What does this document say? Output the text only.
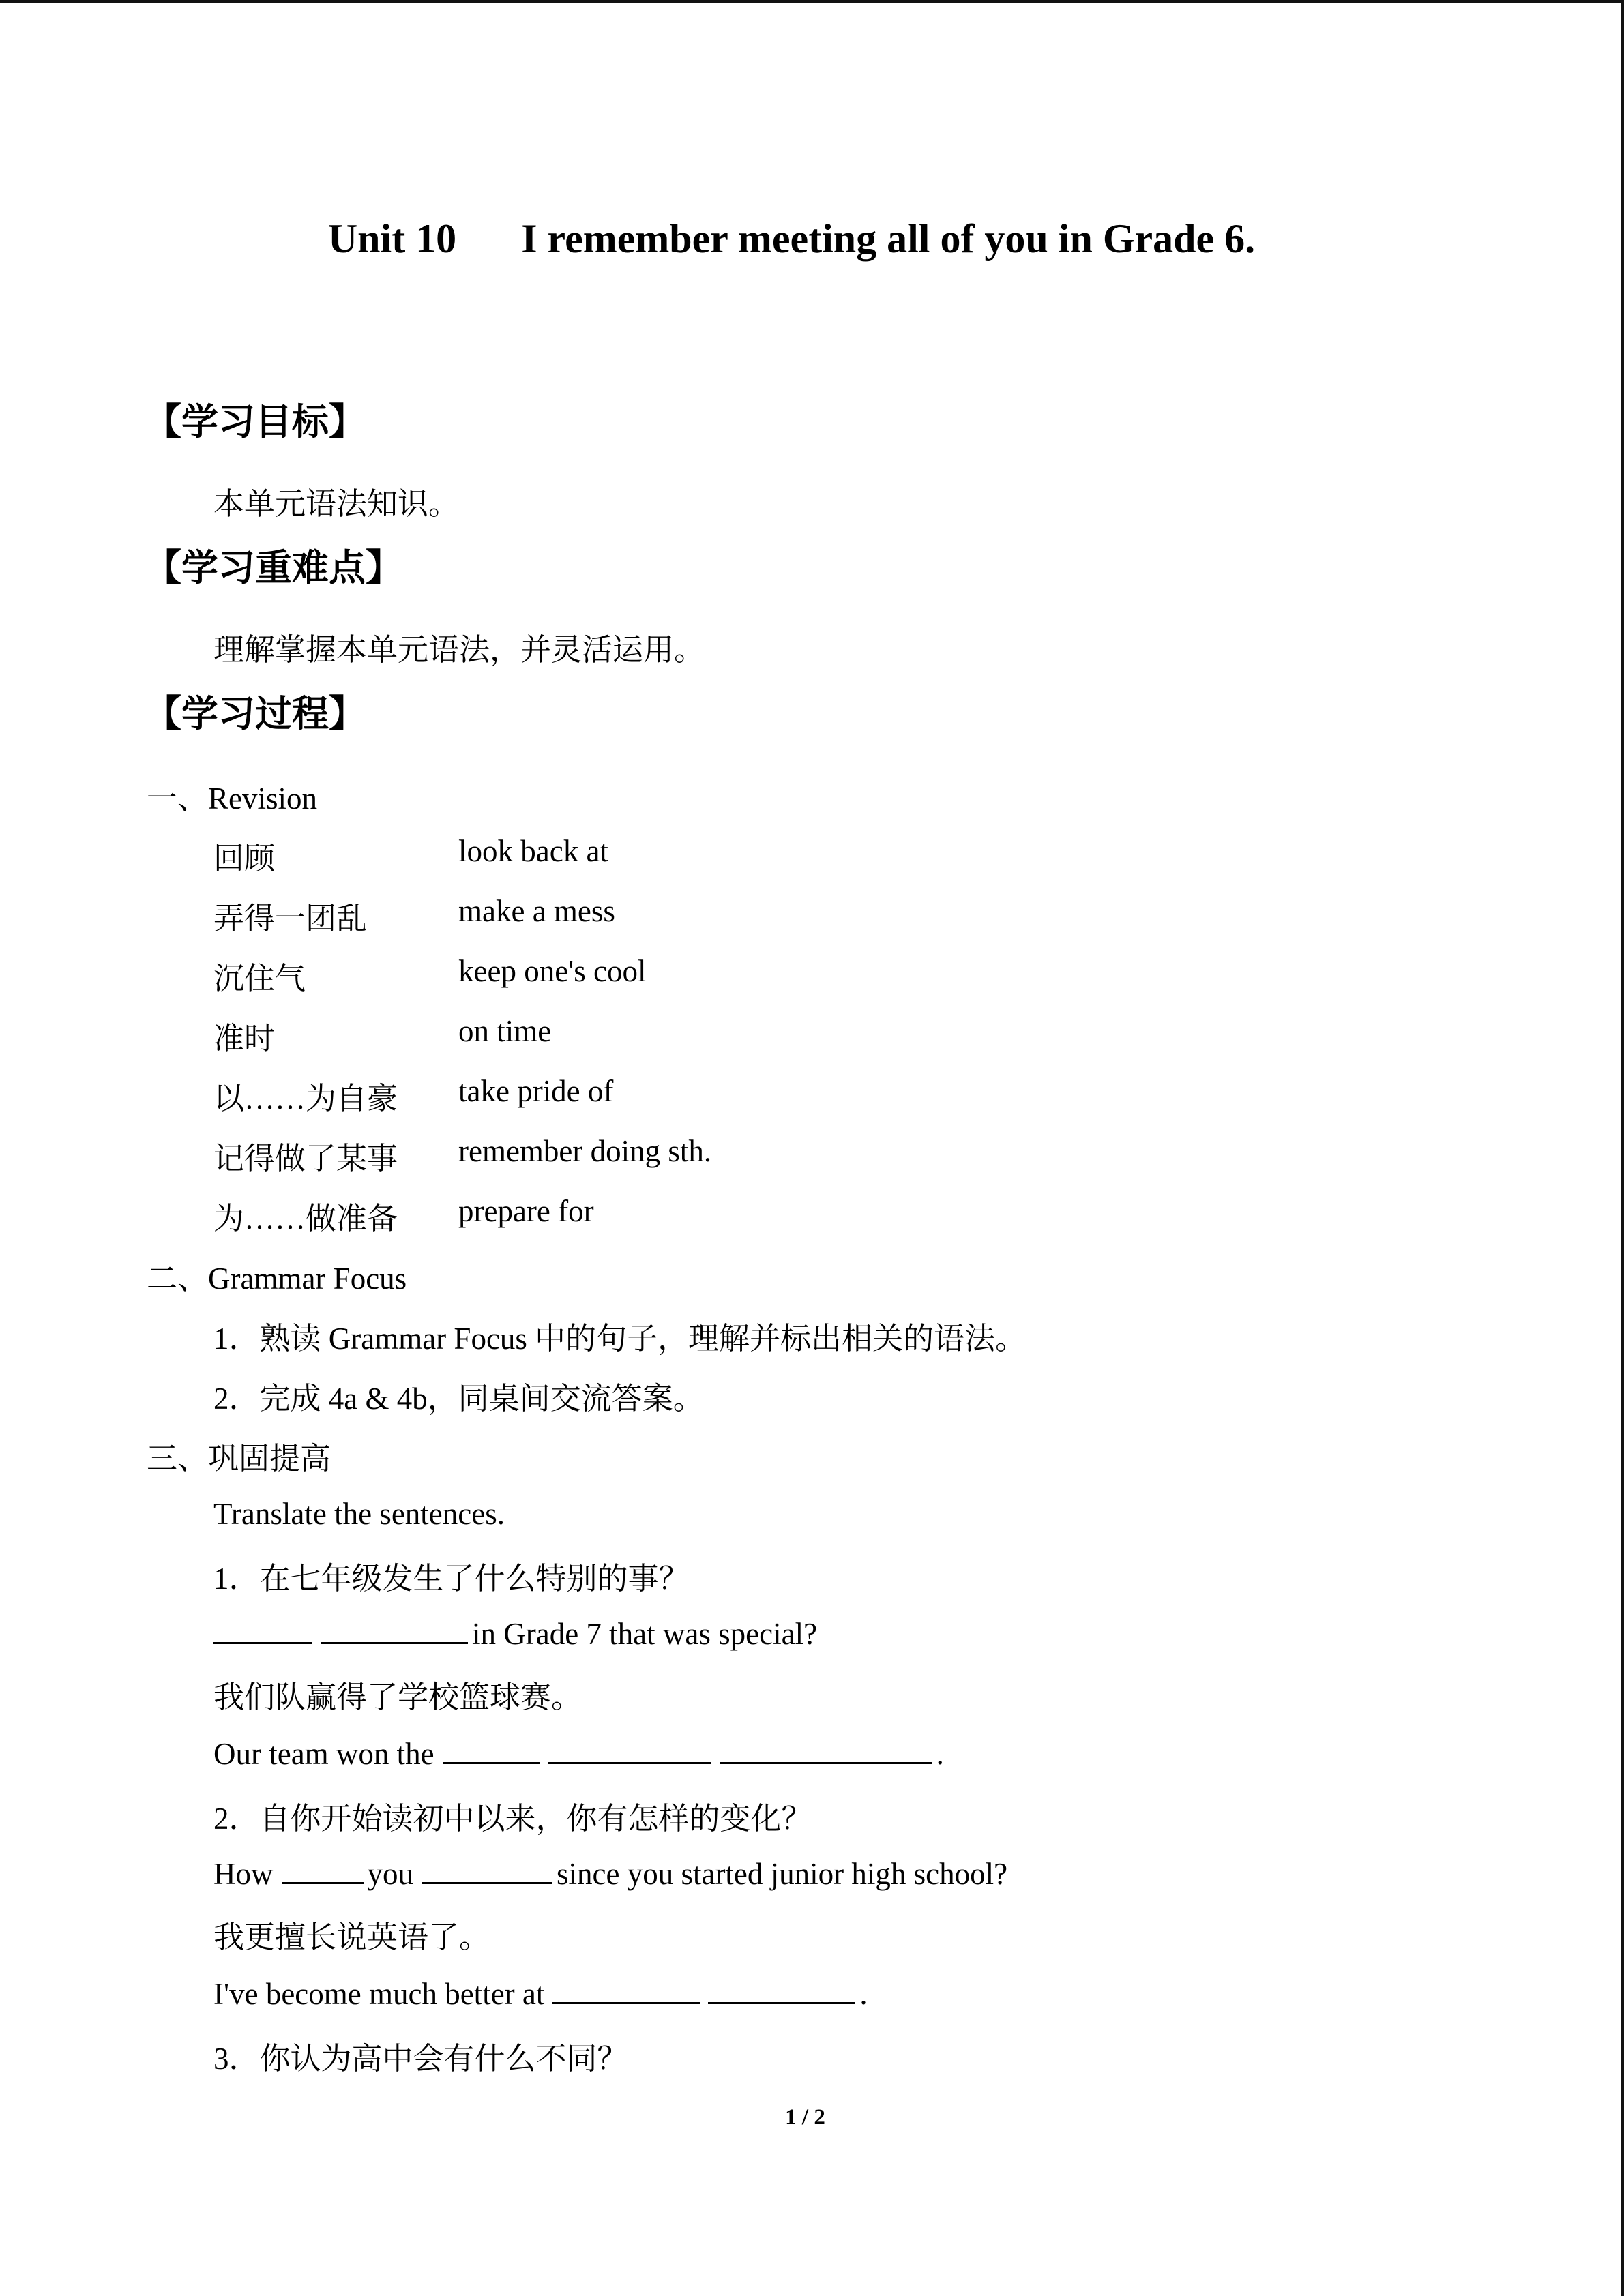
Unit 10 I remember meeting all of you in Grade 6.
【学习目标】
本单元语法知识。
【学习重难点】
理解掌握本单元语法，并灵活运用。
【学习过程】
一、Revision
回顾	look back at
弄得一团乱	make a mess
沉住气	keep one's cool
准时	on time
以……为自豪 take pride of
记得做了某事 remember doing sth.
为……做准备 prepare for
二、Grammar Focus
1．熟读 Grammar Focus 中的句子，理解并标出相关的语法。
2．完成 4a & 4b，同桌间交流答案。
三、巩固提高
Translate the sentences.
1．在七年级发生了什么特别的事？
in Grade 7 that was special?
我们队赢得了学校篮球赛。
Our team won the	.
2．自你开始读初中以来，你有怎样的变化？
How	you	since you started junior high school?
我更擅长说英语了。
I've become much better at	.
3．你认为高中会有什么不同？
1 / 2
